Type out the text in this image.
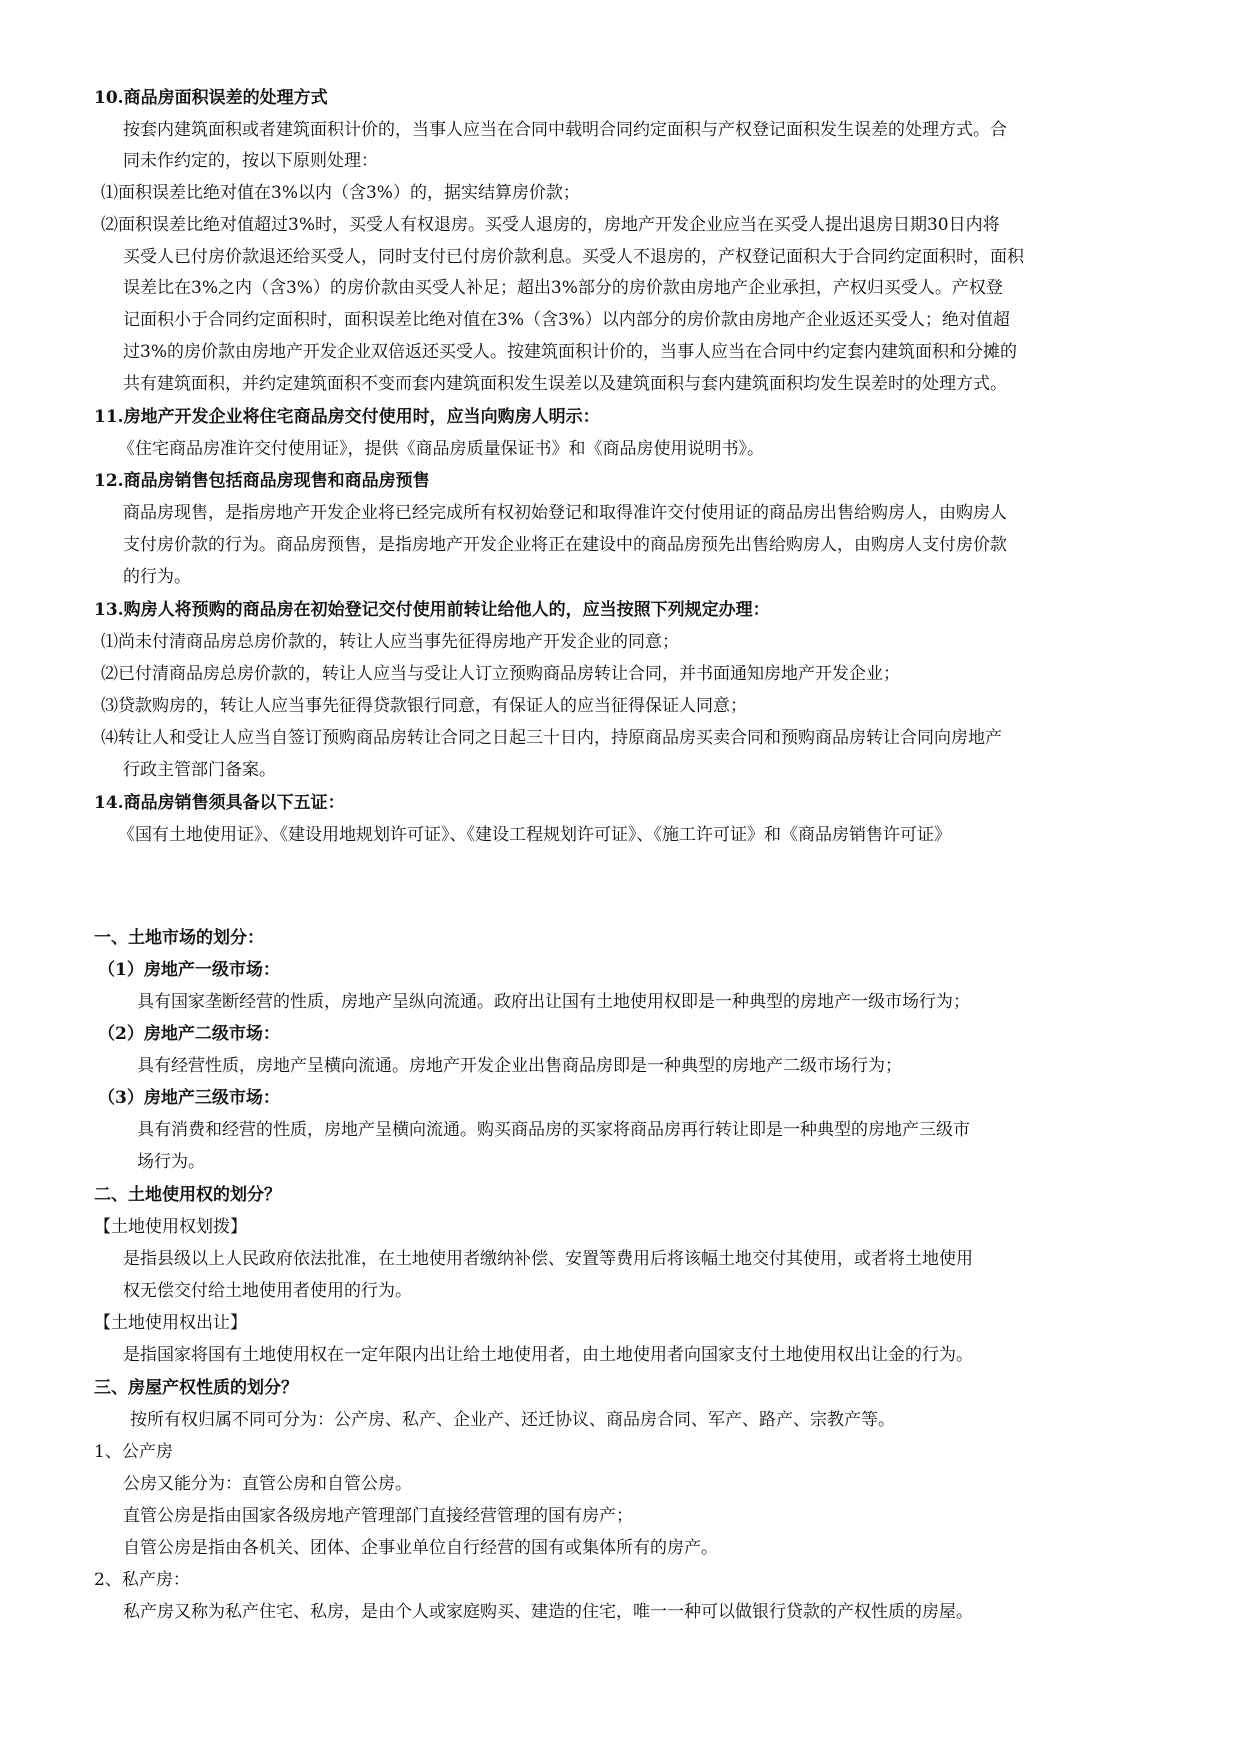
10.商品房面积误差的处理方式
按套内建筑面积或者建筑面积计价的，当事人应当在合同中载明合同约定面积与产权登记面积发生误差的处理方式。合
同未作约定的，按以下原则处理：
⑴面积误差比绝对值在3%以内（含3%）的，据实结算房价款；
⑵面积误差比绝对值超过3%时，买受人有权退房。买受人退房的，房地产开发企业应当在买受人提出退房日期30日内将
买受人已付房价款退还给买受人，同时支付已付房价款利息。买受人不退房的，产权登记面积大于合同约定面积时，面积
误差比在3%之内（含3%）的房价款由买受人补足；超出3%部分的房价款由房地产企业承担，产权归买受人。产权登
记面积小于合同约定面积时，面积误差比绝对值在3%（含3%）以内部分的房价款由房地产企业返还买受人；绝对值超
过3%的房价款由房地产开发企业双倍返还买受人。按建筑面积计价的，当事人应当在合同中约定套内建筑面积和分摊的
共有建筑面积，并约定建筑面积不变而套内建筑面积发生误差以及建筑面积与套内建筑面积均发生误差时的处理方式。
11.房地产开发企业将住宅商品房交付使用时，应当向购房人明示：
《住宅商品房准许交付使用证》，提供《商品房质量保证书》和《商品房使用说明书》。
12.商品房销售包括商品房现售和商品房预售
商品房现售，是指房地产开发企业将已经完成所有权初始登记和取得准许交付使用证的商品房出售给购房人，由购房人
支付房价款的行为。商品房预售，是指房地产开发企业将正在建设中的商品房预先出售给购房人，由购房人支付房价款
的行为。
13.购房人将预购的商品房在初始登记交付使用前转让给他人的，应当按照下列规定办理：
⑴尚未付清商品房总房价款的，转让人应当事先征得房地产开发企业的同意；
⑵已付清商品房总房价款的，转让人应当与受让人订立预购商品房转让合同，并书面通知房地产开发企业；
⑶贷款购房的，转让人应当事先征得贷款银行同意，有保证人的应当征得保证人同意；
⑷转让人和受让人应当自签订预购商品房转让合同之日起三十日内，持原商品房买卖合同和预购商品房转让合同向房地产
行政主管部门备案。
14.商品房销售须具备以下五证：
《国有土地使用证》、《建设用地规划许可证》、《建设工程规划许可证》、《施工许可证》和《商品房销售许可证》
一、土地市场的划分：
（1）房地产一级市场：
具有国家垄断经营的性质，房地产呈纵向流通。政府出让国有土地使用权即是一种典型的房地产一级市场行为；
（2）房地产二级市场：
具有经营性质，房地产呈横向流通。房地产开发企业出售商品房即是一种典型的房地产二级市场行为；
（3）房地产三级市场：
具有消费和经营的性质，房地产呈横向流通。购买商品房的买家将商品房再行转让即是一种典型的房地产三级市
场行为。
二、土地使用权的划分？
【土地使用权划拨】
是指县级以上人民政府依法批准，在土地使用者缴纳补偿、安置等费用后将该幅土地交付其使用，或者将土地使用
权无偿交付给土地使用者使用的行为。
【土地使用权出让】
是指国家将国有土地使用权在一定年限内出让给土地使用者，由土地使用者向国家支付土地使用权出让金的行为。
三、房屋产权性质的划分？
按所有权归属不同可分为：公产房、私产、企业产、还迁协议、商品房合同、军产、路产、宗教产等。
1、公产房
公房又能分为：直管公房和自管公房。
直管公房是指由国家各级房地产管理部门直接经营管理的国有房产；
自管公房是指由各机关、团体、企事业单位自行经营的国有或集体所有的房产。
2、私产房：
私产房又称为私产住宅、私房，是由个人或家庭购买、建造的住宅，唯一一种可以做银行贷款的产权性质的房屋。
